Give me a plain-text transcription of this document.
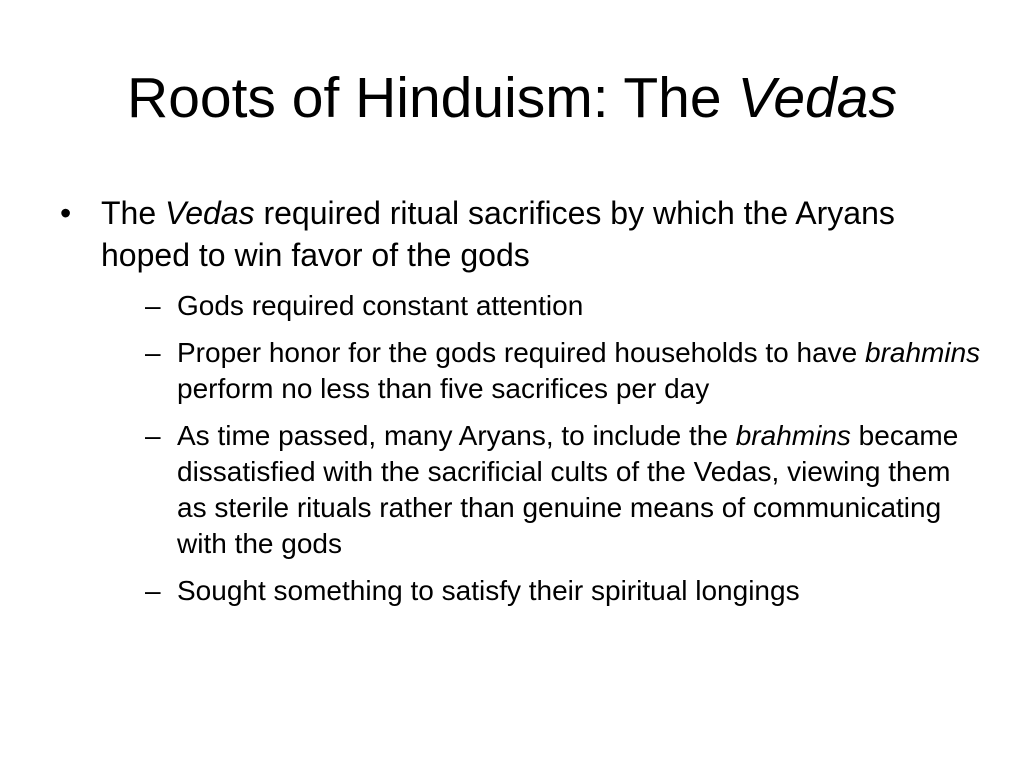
Roots of Hinduism: The Vedas
• The Vedas required ritual sacrifices by which the Aryans hoped to win favor of the gods
– Gods required constant attention
– Proper honor for the gods required households to have brahmins perform no less than five sacrifices per day
– As time passed, many Aryans, to include the brahmins became dissatisfied with the sacrificial cults of the Vedas, viewing them as sterile rituals rather than genuine means of communicating with the gods
– Sought something to satisfy their spiritual longings
